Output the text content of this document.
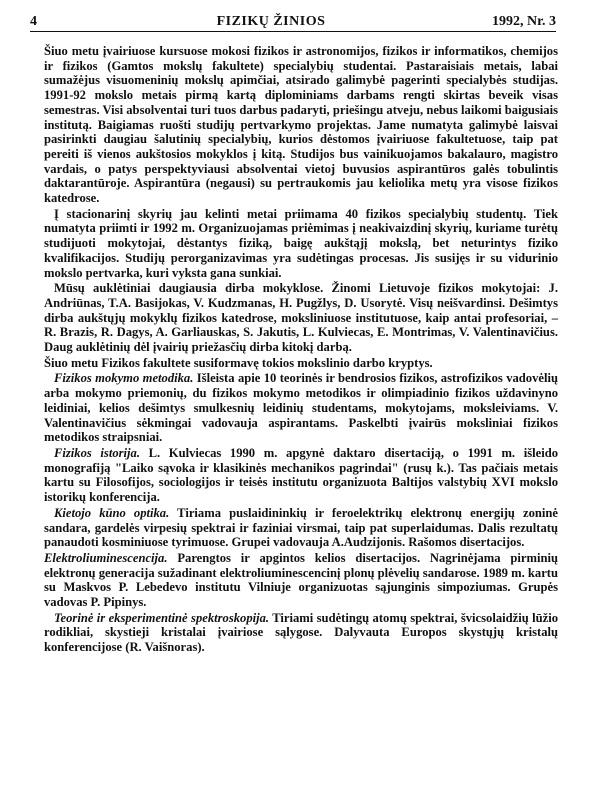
4	FIZIKŲ ŽINIOS	1992, Nr. 3

Šiuo metu įvairiuose kursuose mokosi fizikos ir astronomijos, fizikos ir informatikos, chemijos ir fizikos (Gamtos mokslų fakultete) specialybių studentai. Pastaraisiais metais, labai sumažėjus visuomeninių mokslų apimčiai, atsirado galimybė pagerinti specialybės studijas. 1991-92 mokslo metais pirmą kartą diplominiams darbams rengti skirtas beveik visas semestras. Visi absolventai turi tuos darbus padaryti, priešingu atveju, nebus laikomi baigusiais institutą. Baigiamas ruošti studijų pertvarkymo projektas. Jame numatyta galimybė laisvai pasirinkti daugiau šalutinių specialybių, kurios dėstomos įvairiuose fakultetuose, taip pat pereiti iš vienos aukštosios mokyklos į kitą. Studijos bus vainikuojamos bakalauro, magistro vardais, o patys perspektyviausi absolventai vietoj buvusios aspirantūros galės tobulintis daktarantūroje. Aspirantūra (negausi) su pertraukomis jau keliolika metų yra visose fizikos katedrose.

Į stacionarinį skyrių jau kelinti metai priimama 40 fizikos specialybių studentų. Tiek numatyta priimti ir 1992 m. Organizuojamas priėmimas į neakivaizdinį skyrių, kuriame turėtų studijuoti mokytojai, dėstantys fiziką, baigę aukštąjį mokslą, bet neturintys fiziko kvalifikacijos. Studijų perorganizavimas yra sudėtingas procesas. Jis susijęs ir su vidurinio mokslo pertvarka, kuri vyksta gana sunkiai.

Mūsų auklėtiniai daugiausia dirba mokyklose. Žinomi Lietuvoje fizikos mokytojai: J. Andriūnas, T.A. Basijokas, V. Kudzmanas, H. Pugžlys, D. Usorytė. Visų neišvardinsi. Dešimtys dirba aukštųjų mokyklų fizikos katedrose, moksliniuose institutuose, kaip antai profesoriai, – R. Brazis, R. Dagys, A. Garliauskas, S. Jakutis, L. Kulviecas, E. Montrimas, V. Valentinavičius. Daug auklėtinių dėl įvairių priežasčių dirba kitokį darbą.

Šiuo metu Fizikos fakultete susiformavę tokios mokslinio darbo kryptys.

Fizikos mokymo metodika. Išleista apie 10 teorinės ir bendrosios fizikos, astrofizikos vadovėlių arba mokymo priemonių, du fizikos mokymo metodikos ir olimpiadinio fizikos uždavinyno leidiniai, kelios dešimtys smulkesnių leidinių studentams, mokytojams, moksleiviams. V. Valentinavičius sėkmingai vadovauja aspirantams. Paskelbti įvairūs moksliniai fizikos metodikos straipsniai.

Fizikos istorija. L. Kulviecas 1990 m. apgynė daktaro disertaciją, o 1991 m. išleido monografiją "Laiko sąvoka ir klasikinės mechanikos pagrindai" (rusų k.). Tas pačiais metais kartu su Filosofijos, sociologijos ir teisės institutu organizuota Baltijos valstybių XVI mokslo istorikų konferencija.

Kietojo kūno optika. Tiriama puslaidininkių ir feroelektrikų elektronų energijų zoninė sandara, gardelės virpesių spektrai ir faziniai virsmai, taip pat superlaidumas. Dalis rezultatų panaudoti kosminiuose tyrimuose. Grupei vadovauja A.Audzijonis. Rašomos disertacijos.

Elektroliuminescencija. Parengtos ir apgintos kelios disertacijos. Nagrinėjama pirminių elektronų generacija sužadinant elektroliuminescencinį plonų plėvelių sandarose. 1989 m. kartu su Maskvos P. Lebedevo institutu Vilniuje organizuotas sąjunginis simpoziumas. Grupės vadovas P. Pipinys.

Teorinė ir eksperimentinė spektroskopija. Tiriami sudėtingų atomų spektrai, švicsolaidžių lūžio rodikliai, skystieji kristalai įvairiose sąlygose. Dalyvauta Europos skystųjų kristalų konferencijose (R. Vaišnoras).
